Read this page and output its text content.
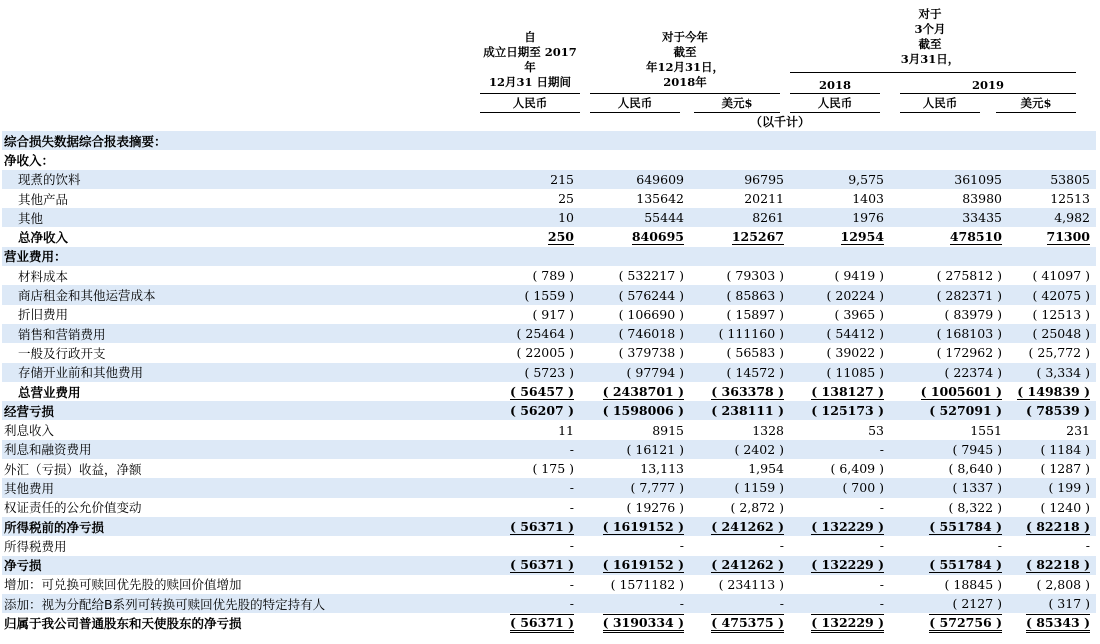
自
成立日期至 2017
年
12月31 日期间
对于今年
截至
年12月31日，
2018年
对于
3个月
截至
3月31日，
2018	2019
人民币	人民币	美元$	人民币	人民币	美元$
（以千计）
综合损失数据综合报表摘要：						
净收入：						
现煮的饮料	215	649609	96795	9,575	361095	53805
其他产品	25	135642	20211	1403	83980	12513
其他	10	55444	8261	1976	33435	4,982
总净收入	250	840695	125267	12954	478510	71300
营业费用：						
材料成本	( 789 )	( 532217 )	( 79303 )	( 9419 )	( 275812 )	( 41097 )
商店租金和其他运营成本	( 1559 )	( 576244 )	( 85863 )	( 20224 )	( 282371 )	( 42075 )
折旧费用	( 917 )	( 106690 )	( 15897 )	( 3965 )	( 83979 )	( 12513 )
销售和营销费用	( 25464 )	( 746018 )	( 111160 )	( 54412 )	( 168103 )	( 25048 )
一般及行政开支	( 22005 )	( 379738 )	( 56583 )	( 39022 )	( 172962 )	( 25,772 )
存储开业前和其他费用	( 5723 )	( 97794 )	( 14572 )	( 11085 )	( 22374 )	( 3,334 )
总营业费用	( 56457 )	( 2438701 )	( 363378 )	( 138127 )	( 1005601 )	( 149839 )
经营亏损	( 56207 )	( 1598006 )	( 238111 )	( 125173 )	( 527091 )	( 78539 )
利息收入	11	8915	1328	53	1551	231
利息和融资费用	-	( 16121 )	( 2402 )	-	( 7945 )	( 1184 )
外汇（亏损）收益，净额	( 175 )	13,113	1,954	( 6,409 )	( 8,640 )	( 1287 )
其他费用	-	( 7,777 )	( 1159 )	( 700 )	( 1337 )	( 199 )
权证责任的公允价值变动	-	( 19276 )	( 2,872 )	-	( 8,322 )	( 1240 )
所得税前的净亏损	( 56371 )	( 1619152 )	( 241262 )	( 132229 )	( 551784 )	( 82218 )
所得税费用	-	-	-	-	-	-
净亏损	( 56371 )	( 1619152 )	( 241262 )	( 132229 )	( 551784 )	( 82218 )
增加：可兑换可赎回优先股的赎回价值增加	-	( 1571182 )	( 234113 )	-	( 18845 )	( 2,808 )
添加：视为分配给B系列可转换可赎回优先股的特定持有人	-	-	-	-	( 2127 )	( 317 )
归属于我公司普通股东和天使股东的净亏损	( 56371 )	( 3190334 )	( 475375 )	( 132229 )	( 572756 )	( 85343 )
